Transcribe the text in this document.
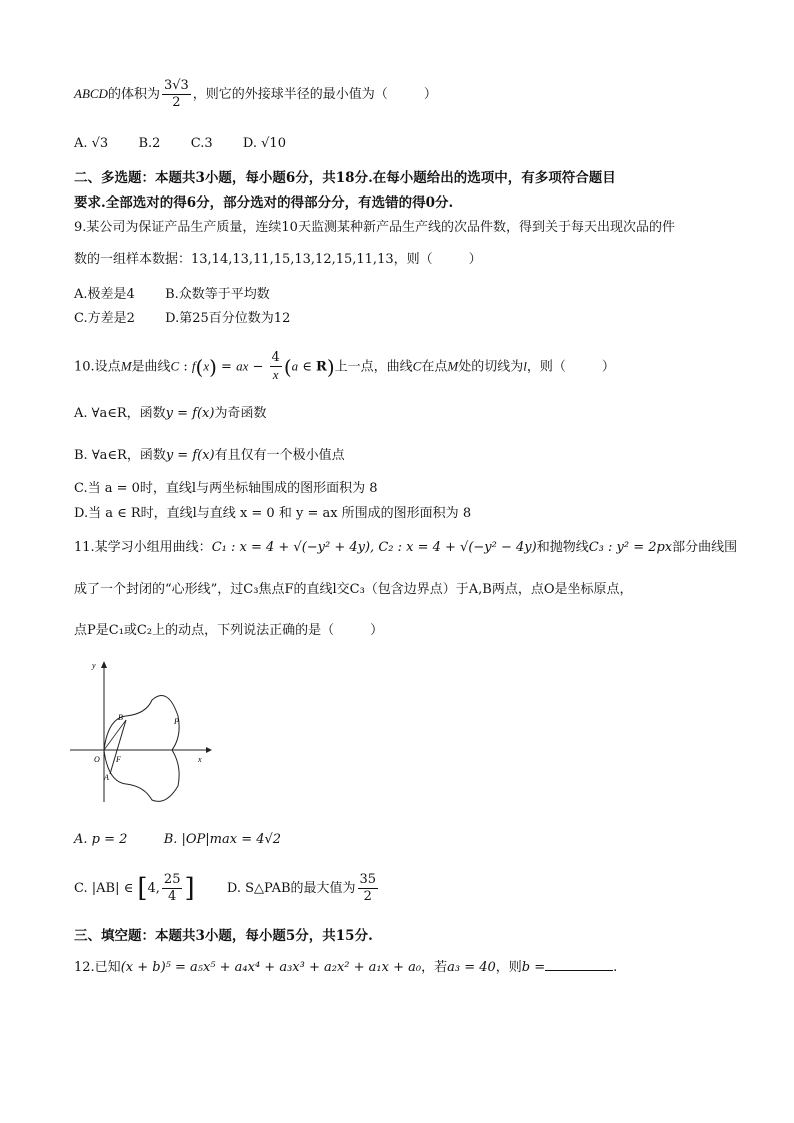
ABCD的体积为 $\frac{3√3}{2}$ ，则它的外接球半径的最小值为（	）
A. √3 B.2 C.3 D. √10
二、多选题：本题共3小题，每小题6分，共18分.在每小题给出的选项中，有多项符合题目
要求.全部选对的得6分，部分选对的得部分分，有选错的得0分.
9.某公司为保证产品生产质量，连续10天监测某种新产品生产线的次品件数，得到关于每天出现次品的件
数的一组样本数据：13,14,13,11,15,13,12,15,11,13，则（	）
A.极差是4 B.众数等于平均数
C.方差是2 D.第25百分位数为12
10.设点M是曲线C : f(x) = ax − $\frac{4}{x} (a$ ∈ R)上一点，曲线C在点M处的切线为l，则（	）
A. ∀a∈R，函数y = f(x)为奇函数
B. ∀a∈R，函数y = f(x)有且仅有一个极小值点
C.当 a = 0时，直线l与两坐标轴围成的图形面积为 8
D.当 a ∈ R时，直线l与直线 x = 0 和 y = ax 所围成的图形面积为 8
11.某学习小组用曲线：C₁ : x = 4 + √(−y² + 4y), C₂ : x = 4 + √(−y² − 4y)和抛物线C₃ : y² = 2px部分曲线围
成了一个封闭的“心形线”，过C₃焦点F的直线l交C₃（包含边界点）于A,B两点，点O是坐标原点，
点P是C₁或C₂上的动点，下列说法正确的是（	）
y
x
O F
A
B	P
A. p = 2	B. |OP|max = 4√2
C. |AB| ∈ [4, $\frac{25}{4}$ ] D. S△PAB的最大值为 $\frac{35}{2}$
三、填空题：本题共3小题，每小题5分，共15分.
12.已知(x + b)⁵ = a₅x⁵ + a₄x⁴ + a₃x³ + a₂x² + a₁x + a₀，若a₃ = 40，则b =	.
